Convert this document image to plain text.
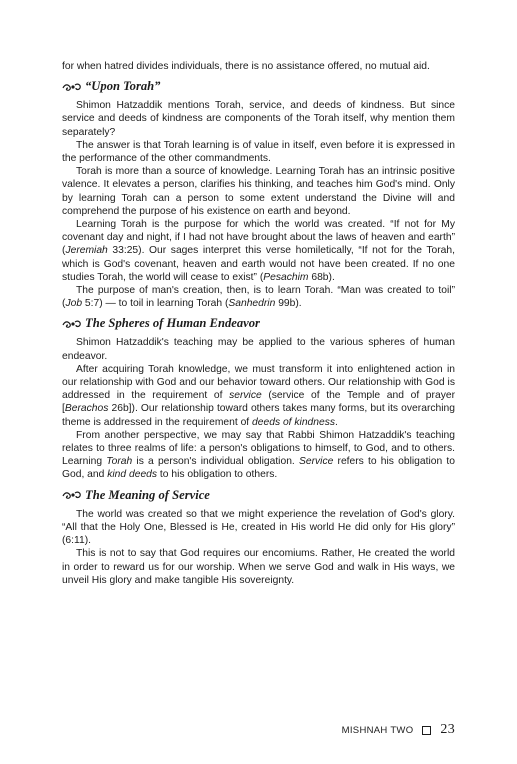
for when hatred divides individuals, there is no assistance offered, no mutual aid.

“Upon Torah”

Shimon Hatzaddik mentions Torah, service, and deeds of kindness. But since service and deeds of kindness are components of the Torah itself, why mention them separately?

The answer is that Torah learning is of value in itself, even before it is expressed in the performance of the other commandments.

Torah is more than a source of knowledge. Learning Torah has an intrinsic positive valence. It elevates a person, clarifies his thinking, and teaches him God's mind. Only by learning Torah can a person to some extent understand the Divine will and comprehend the purpose of his existence on earth and beyond.

Learning Torah is the purpose for which the world was created. “If not for My covenant day and night, if I had not have brought about the laws of heaven and earth” (Jeremiah 33:25). Our sages interpret this verse homiletically, “If not for the Torah, which is God's covenant, heaven and earth would not have been created. If no one studies Torah, the world will cease to exist” (Pesachim 68b).

The purpose of man's creation, then, is to learn Torah. “Man was created to toil” (Job 5:7) — to toil in learning Torah (Sanhedrin 99b).

The Spheres of Human Endeavor

Shimon Hatzaddik's teaching may be applied to the various spheres of human endeavor.

After acquiring Torah knowledge, we must transform it into enlightened action in our relationship with God and our behavior toward others. Our relationship with God is addressed in the requirement of service (service of the Temple and of prayer [Berachos 26b]). Our relationship toward others takes many forms, but its overarching theme is addressed in the requirement of deeds of kindness.

From another perspective, we may say that Rabbi Shimon Hatzaddik's teaching relates to three realms of life: a person's obligations to himself, to God, and to others. Learning Torah is a person's individual obligation. Service refers to his obligation to God, and kind deeds to his obligation to others.

The Meaning of Service

The world was created so that we might experience the revelation of God's glory. “All that the Holy One, Blessed is He, created in His world He did only for His glory” (6:11).

This is not to say that God requires our encomiums. Rather, He created the world in order to reward us for our worship. When we serve God and walk in His ways, we unveil His glory and make tangible His sovereignty.

MISHNAH TWO 23
